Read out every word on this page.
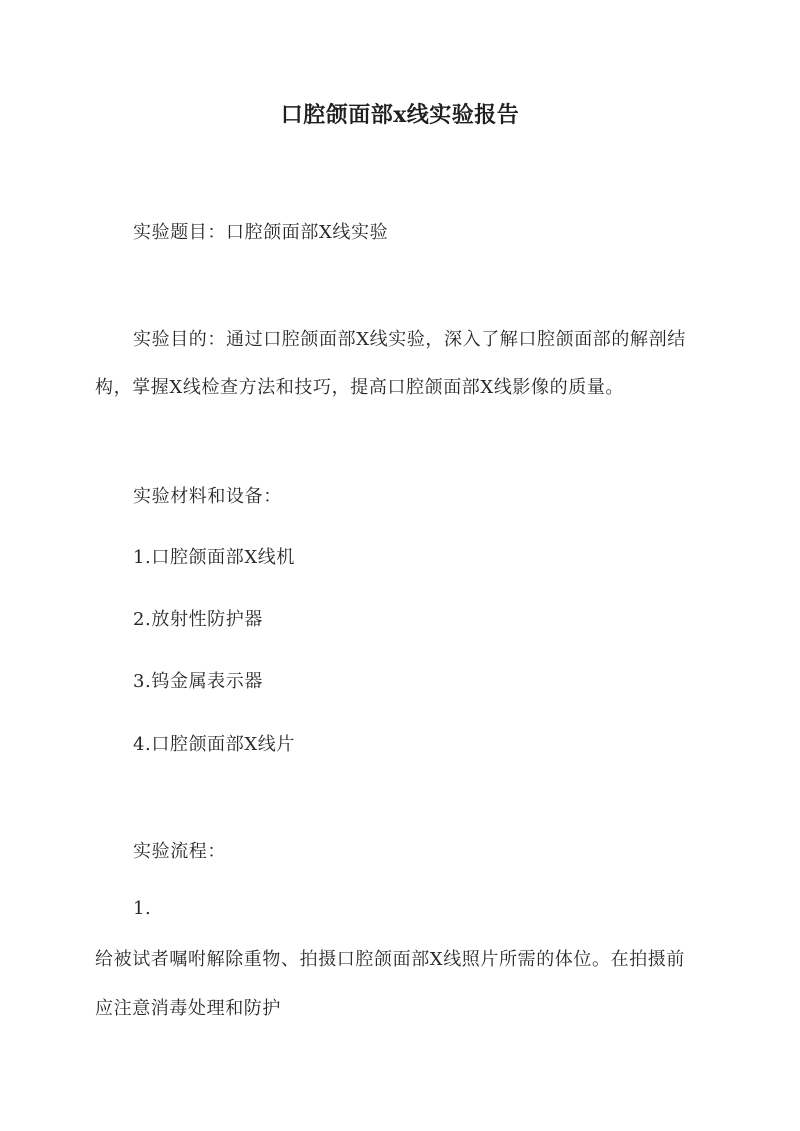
口腔颌面部x线实验报告
实验题目：口腔颌面部X线实验
实验目的：通过口腔颌面部X线实验，深入了解口腔颌面部的解剖结
构，掌握X线检查方法和技巧，提高口腔颌面部X线影像的质量。
实验材料和设备：
1.口腔颌面部X线机
2.放射性防护器
3.钨金属表示器
4.口腔颌面部X线片
实验流程：
1.
给被试者嘱咐解除重物、拍摄口腔颌面部X线照片所需的体位。在拍摄前
应注意消毒处理和防护
